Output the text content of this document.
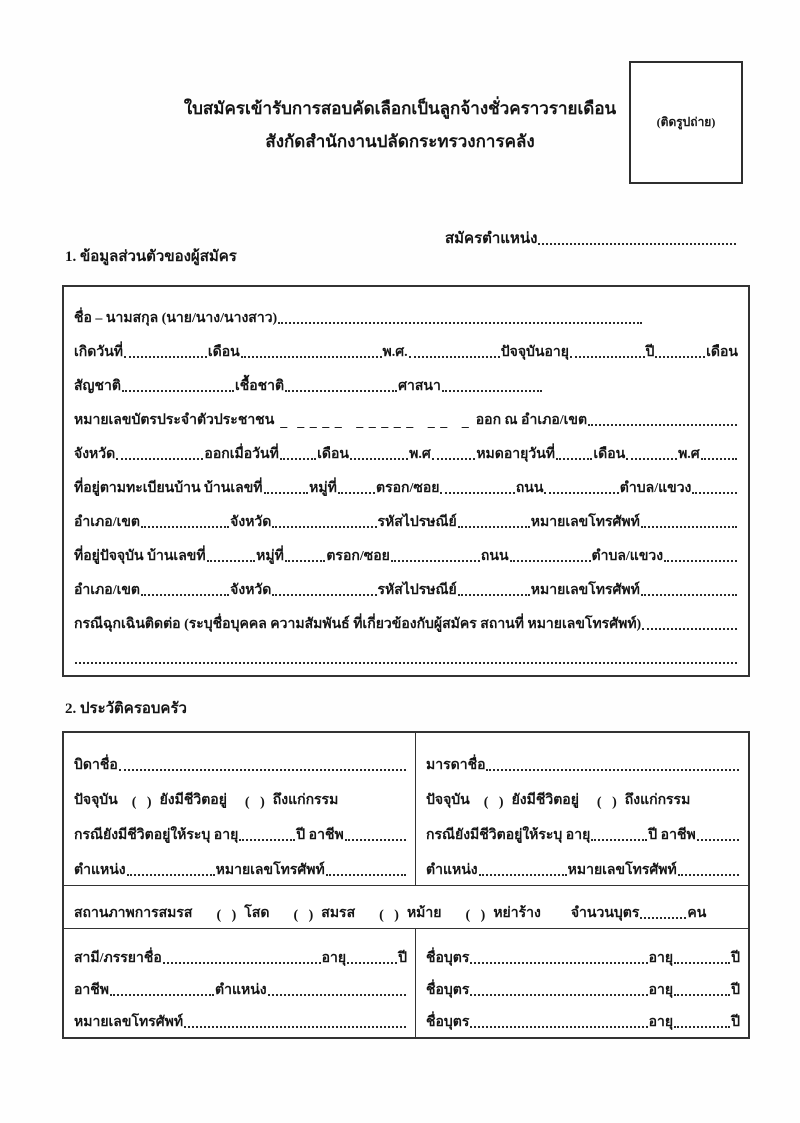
(ติดรูปถ่าย)
ใบสมัครเข้ารับการสอบคัดเลือกเป็นลูกจ้างชั่วคราวรายเดือน
สังกัดสำนักงานปลัดกระทรวงการคลัง
สมัครตำแหน่ง
1. ข้อมูลส่วนตัวของผู้สมัคร
ชื่อ – นามสกุล (นาย/นาง/นางสาว)
เกิดวันที่	เดือน	พ.ศ.	ปัจจุบันอายุ	ปี	เดือน
สัญชาติ	เชื้อชาติ	ศาสนา
หมายเลขบัตรประจำตัวประชาชน _  _ _ _ _   _ _ _ _ _   _ _   _ ออก ณ อำเภอ/เขต
จังหวัด	ออกเมื่อวันที่	เดือน	พ.ศ	หมดอายุวันที่	เดือน	พ.ศ
ที่อยู่ตามทะเบียนบ้าน บ้านเลขที่	หมู่ที่	ตรอก/ซอย	ถนน	ตำบล/แขวง
อำเภอ/เขต	จังหวัด	รหัสไปรษณีย์	หมายเลขโทรศัพท์
ที่อยู่ปัจจุบัน บ้านเลขที่	หมู่ที่	ตรอก/ซอย	ถนน	ตำบล/แขวง
อำเภอ/เขต	จังหวัด	รหัสไปรษณีย์	หมายเลขโทรศัพท์
กรณีฉุกเฉินติดต่อ (ระบุชื่อบุคคล ความสัมพันธ์ ที่เกี่ยวข้องกับผู้สมัคร สถานที่ หมายเลขโทรศัพท์)
2. ประวัติครอบครัว
บิดาชื่อ
ปัจจุบัน (   ) ยังมีชีวิตอยู่ (   ) ถึงแก่กรรม
กรณียังมีชีวิตอยู่ให้ระบุ อายุ	ปี อาชีพ
ตำแหน่ง	หมายเลขโทรศัพท์
มารดาชื่อ
ปัจจุบัน (   ) ยังมีชีวิตอยู่ (   ) ถึงแก่กรรม
กรณียังมีชีวิตอยู่ให้ระบุ อายุ	ปี อาชีพ
ตำแหน่ง	หมายเลขโทรศัพท์
สถานภาพการสมรส (   ) โสด (   ) สมรส (   ) หม้าย (   ) หย่าร้าง จำนวนบุตร	คน
สามี/ภรรยาชื่อ	อายุ	ปี
อาชีพ	ตำแหน่ง
หมายเลขโทรศัพท์
ชื่อบุตร	อายุ	ปี
ชื่อบุตร	อายุ	ปี
ชื่อบุตร	อายุ	ปี
